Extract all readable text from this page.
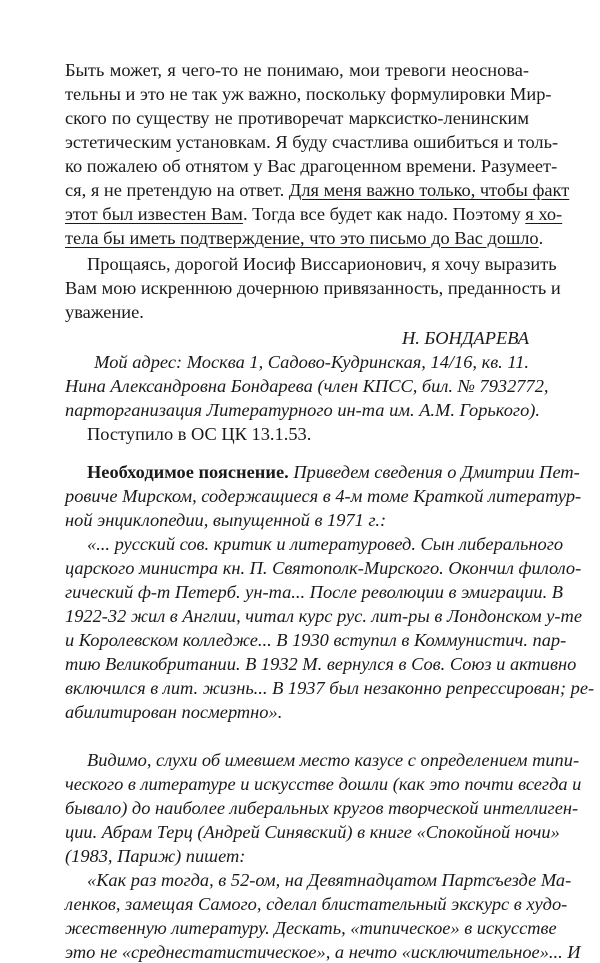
Быть может, я чего-то не понимаю, мои тревоги неоснова-
тельны и это не так уж важно, поскольку формулировки Мир-
ского по существу не противоречат марксистко-ленинским
эстетическим установкам. Я буду счастлива ошибиться и толь-
ко пожалею об отнятом у Вас драгоценном времени. Разумеет-
ся, я не претендую на ответ. Для меня важно только, чтобы факт
этот был известен Вам. Тогда все будет как надо. Поэтому я хо-
тела бы иметь подтверждение, что это письмо до Вас дошло.
Прощаясь, дорогой Иосиф Виссарионович, я хочу выразить
Вам мою искреннюю дочернюю привязанность, преданность и
уважение.
Н. БОНДАРЕВА
Мой адрес: Москва 1, Садово-Кудринская, 14/16, кв. 11.
Нина Александровна Бондарева (член КПСС, бил. № 7932772,
парторганизация Литературного ин-та им. А.М. Горького).
Поступило в ОС ЦК 13.1.53.
Необходимое пояснение. Приведем сведения о Дмитрии Пет-
ровиче Мирском, содержащиеся в 4-м томе Краткой литератур-
ной энциклопедии, выпущенной в 1971 г.:
«... русский сов. критик и литературовед. Сын либерального
царского министра кн. П. Святополк-Мирского. Окончил филоло-
гический ф-т Петерб. ун-та... После революции в эмиграции. В
1922-32 жил в Англии, читал курс рус. лит-ры в Лондонском у-те
и Королевском колледже... В 1930 вступил в Коммунистич. пар-
тию Великобритании. В 1932 М. вернулся в Сов. Союз и активно
включился в лит. жизнь... В 1937 был незаконно репрессирован; ре-
абилитирован посмертно».
Видимо, слухи об имевшем место казусе с определением типи-
ческого в литературе и искусстве дошли (как это почти всегда и
бывало) до наиболее либеральных кругов творческой интеллиген-
ции. Абрам Терц (Андрей Синявский) в книге «Спокойной ночи»
(1983, Париж) пишет:
«Как раз тогда, в 52-ом, на Девятнадцатом Партсъезде Ма-
ленков, замещая Самого, сделал блистательный экскурс в худо-
жественную литературу. Дескать, «типическое» в искусстве
это не «среднестатистическое», а нечто «исключительное»... И
